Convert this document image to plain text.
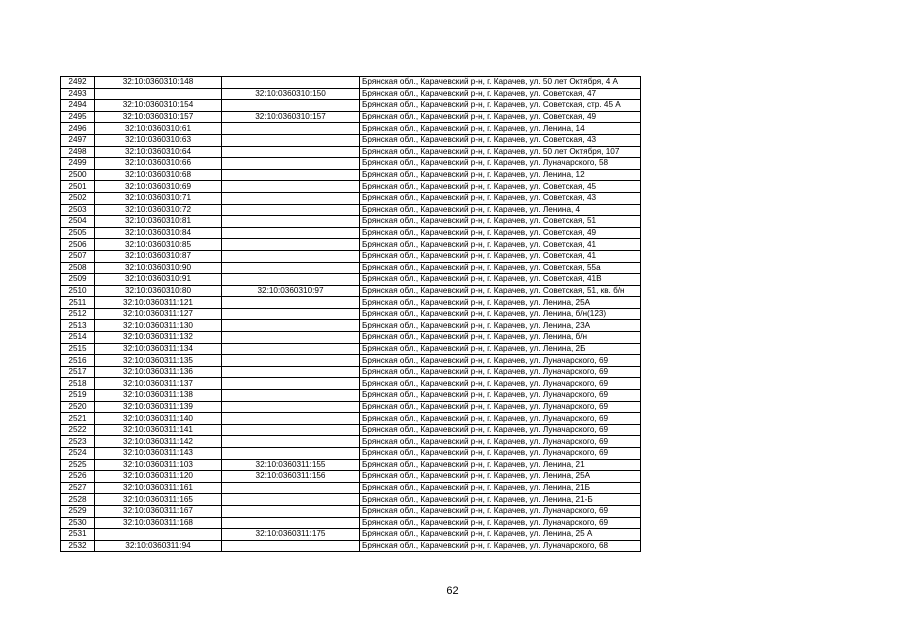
2492	32:10:0360310:148		Брянская обл., Карачевский р-н, г. Карачев, ул. 50 лет Октября, 4 А
2493		32:10:0360310:150	Брянская обл., Карачевский р-н, г. Карачев, ул. Советская, 47
2494	32:10:0360310:154		Брянская обл., Карачевский р-н, г. Карачев, ул. Советская, стр. 45 А
2495	32:10:0360310:157	32:10:0360310:157	Брянская обл., Карачевский р-н, г. Карачев, ул. Советская, 49
2496	32:10:0360310:61		Брянская обл., Карачевский р-н, г. Карачев, ул. Ленина, 14
2497	32:10:0360310:63		Брянская обл., Карачевский р-н, г. Карачев, ул. Советская, 43
2498	32:10:0360310:64		Брянская обл., Карачевский р-н, г. Карачев, ул. 50 лет Октября, 107
2499	32:10:0360310:66		Брянская обл., Карачевский р-н, г. Карачев, ул. Луначарского, 58
2500	32:10:0360310:68		Брянская обл., Карачевский р-н, г. Карачев, ул. Ленина, 12
2501	32:10:0360310:69		Брянская обл., Карачевский р-н, г. Карачев, ул. Советская, 45
2502	32:10:0360310:71		Брянская обл., Карачевский р-н, г. Карачев, ул. Советская, 43
2503	32:10:0360310:72		Брянская обл., Карачевский р-н, г. Карачев, ул. Ленина, 4
2504	32:10:0360310:81		Брянская обл., Карачевский р-н, г. Карачев, ул. Советская, 51
2505	32:10:0360310:84		Брянская обл., Карачевский р-н, г. Карачев, ул. Советская, 49
2506	32:10:0360310:85		Брянская обл., Карачевский р-н, г. Карачев, ул. Советская, 41
2507	32:10:0360310:87		Брянская обл., Карачевский р-н, г. Карачев, ул. Советская, 41
2508	32:10:0360310:90		Брянская обл., Карачевский р-н, г. Карачев, ул. Советская, 55а
2509	32:10:0360310:91		Брянская обл., Карачевский р-н, г. Карачев, ул. Советская, 41В
2510	32:10:0360310:80	32:10:0360310:97	Брянская обл., Карачевский р-н, г. Карачев, ул. Советская, 51, кв. б/н
2511	32:10:0360311:121		Брянская обл., Карачевский р-н, г. Карачев, ул. Ленина, 25А
2512	32:10:0360311:127		Брянская обл., Карачевский р-н, г. Карачев, ул. Ленина, б/н(123)
2513	32:10:0360311:130		Брянская обл., Карачевский р-н, г. Карачев, ул. Ленина, 23А
2514	32:10:0360311:132		Брянская обл., Карачевский р-н, г. Карачев, ул. Ленина, б/н
2515	32:10:0360311:134		Брянская обл., Карачевский р-н, г. Карачев, ул. Ленина, 2Б
2516	32:10:0360311:135		Брянская обл., Карачевский р-н, г. Карачев, ул. Луначарского, 69
2517	32:10:0360311:136		Брянская обл., Карачевский р-н, г. Карачев, ул. Луначарского, 69
2518	32:10:0360311:137		Брянская обл., Карачевский р-н, г. Карачев, ул. Луначарского, 69
2519	32:10:0360311:138		Брянская обл., Карачевский р-н, г. Карачев, ул. Луначарского, 69
2520	32:10:0360311:139		Брянская обл., Карачевский р-н, г. Карачев, ул. Луначарского, 69
2521	32:10:0360311:140		Брянская обл., Карачевский р-н, г. Карачев, ул. Луначарского, 69
2522	32:10:0360311:141		Брянская обл., Карачевский р-н, г. Карачев, ул. Луначарского, 69
2523	32:10:0360311:142		Брянская обл., Карачевский р-н, г. Карачев, ул. Луначарского, 69
2524	32:10:0360311:143		Брянская обл., Карачевский р-н, г. Карачев, ул. Луначарского, 69
2525	32:10:0360311:103	32:10:0360311:155	Брянская обл., Карачевский р-н, г. Карачев, ул. Ленина, 21
2526	32:10:0360311:120	32:10:0360311:156	Брянская обл., Карачевский р-н, г. Карачев, ул. Ленина, 25А
2527	32:10:0360311:161		Брянская обл., Карачевский р-н, г. Карачев, ул. Ленина, 21Б
2528	32:10:0360311:165		Брянская обл., Карачевский р-н, г. Карачев, ул. Ленина, 21-Б
2529	32:10:0360311:167		Брянская обл., Карачевский р-н, г. Карачев, ул. Луначарского, 69
2530	32:10:0360311:168		Брянская обл., Карачевский р-н, г. Карачев, ул. Луначарского, 69
2531		32:10:0360311:175	Брянская обл., Карачевский р-н, г. Карачев, ул. Ленина, 25 А
2532	32:10:0360311:94		Брянская обл., Карачевский р-н, г. Карачев, ул. Луначарского, 68
62
